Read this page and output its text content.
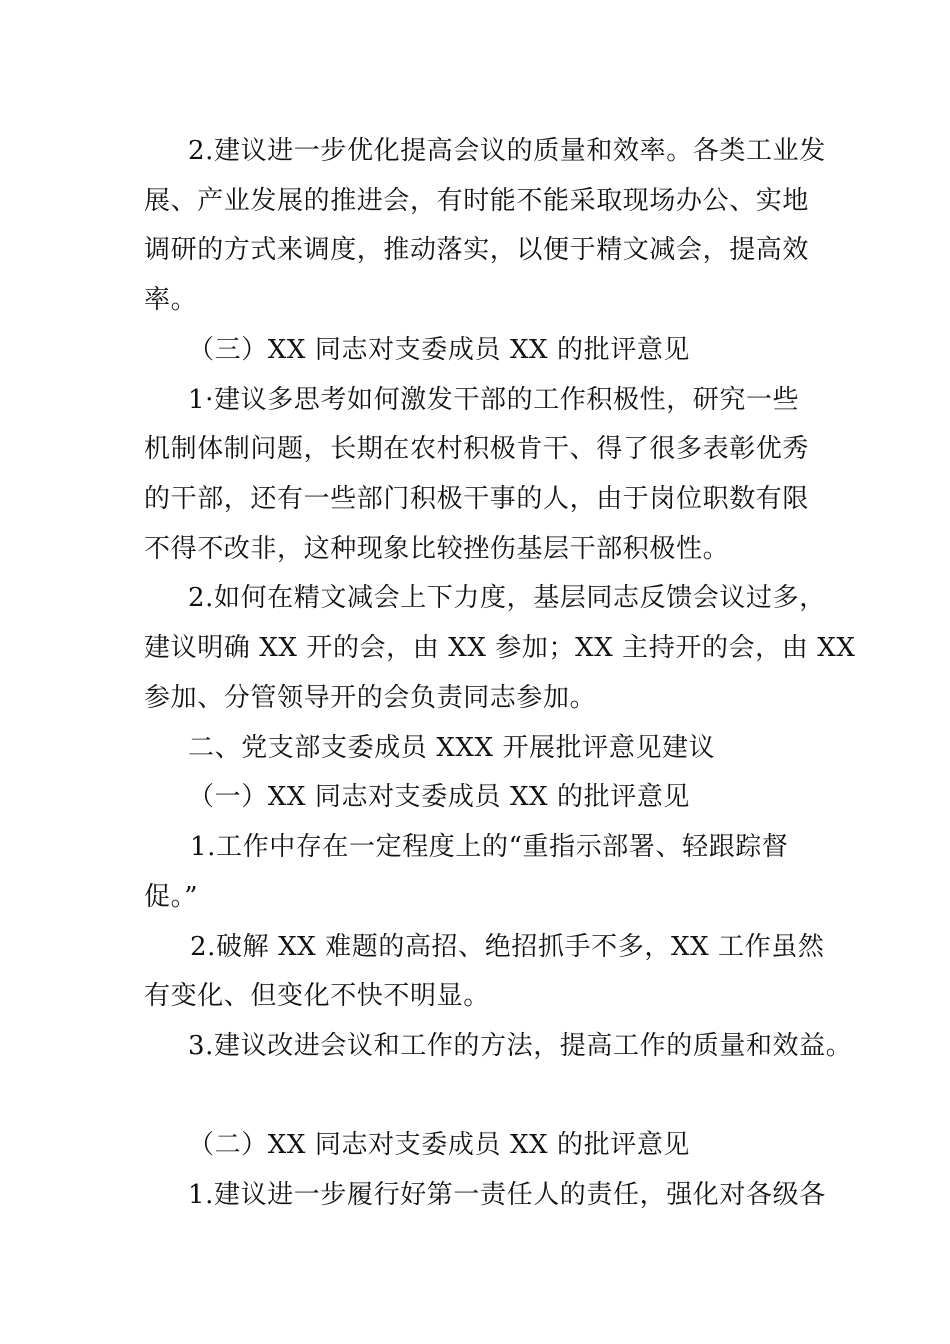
2.建议进一步优化提高会议的质量和效率。各类工业发
展、产业发展的推进会，有时能不能采取现场办公、实地
调研的方式来调度，推动落实，以便于精文减会，提高效
率。
（三）XX 同志对支委成员 XX 的批评意见
1·建议多思考如何激发干部的工作积极性，研究一些
机制体制问题，长期在农村积极肯干、得了很多表彰优秀
的干部，还有一些部门积极干事的人，由于岗位职数有限
不得不改非，这种现象比较挫伤基层干部积极性。
2.如何在精文减会上下力度，基层同志反馈会议过多，
建议明确 XX 开的会，由 XX 参加；XX 主持开的会，由 XX
参加、分管领导开的会负责同志参加。
二、党支部支委成员 XXX 开展批评意见建议
（一）XX 同志对支委成员 XX 的批评意见
1.工作中存在一定程度上的“重指示部署、轻跟踪督
促。”
2.破解 XX 难题的高招、绝招抓手不多，XX 工作虽然
有变化、但变化不快不明显。
3.建议改进会议和工作的方法，提高工作的质量和效益。
（二）XX 同志对支委成员 XX 的批评意见
1.建议进一步履行好第一责任人的责任，强化对各级各
